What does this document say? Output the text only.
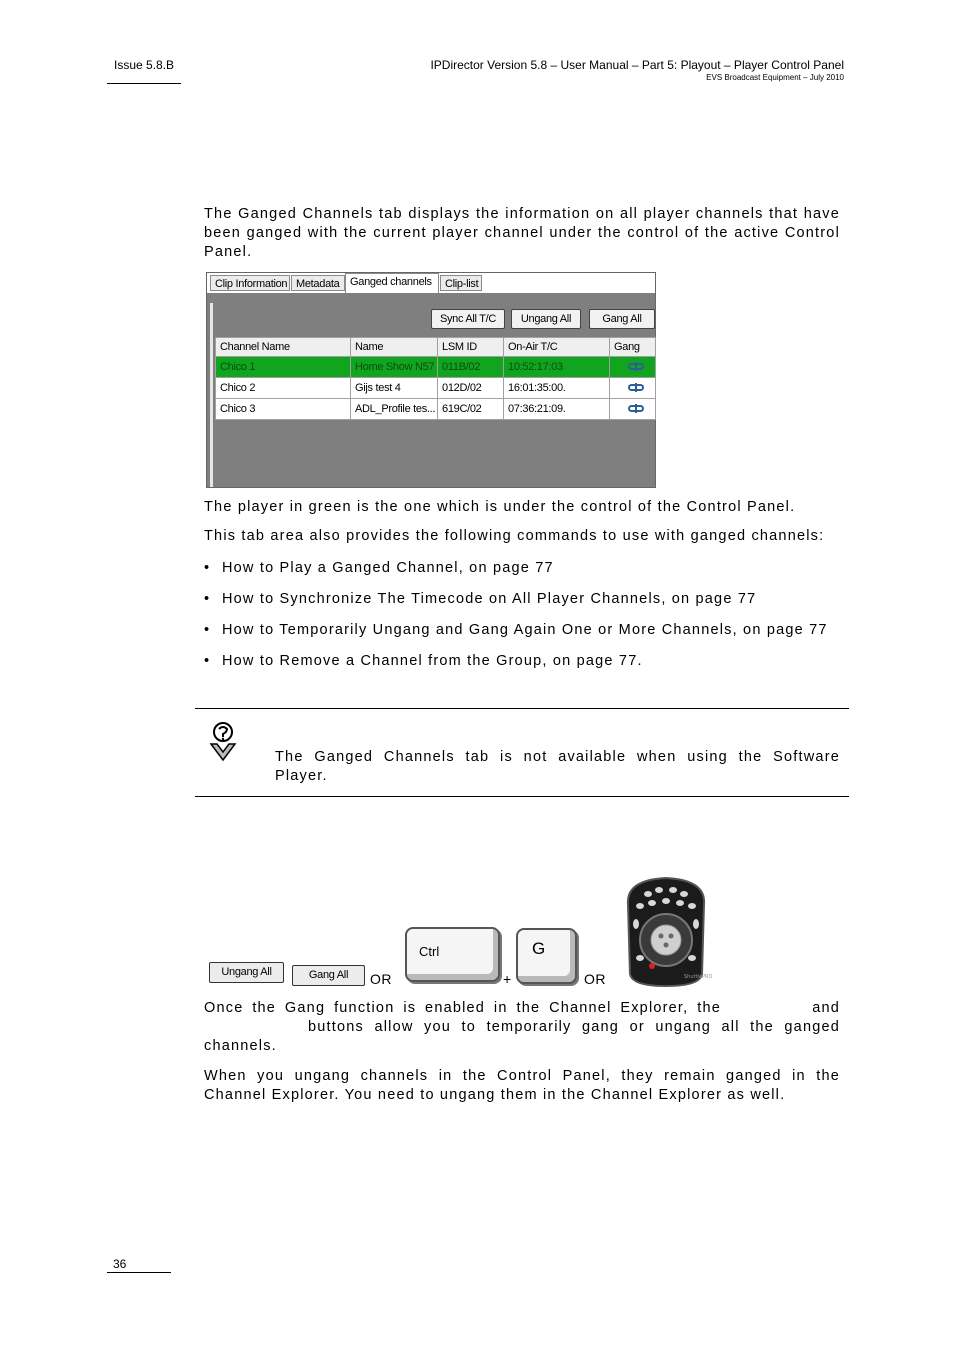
Issue 5.8.B	IPDirector Version 5.8 – User Manual – Part 5: Playout – Player Control Panel
EVS Broadcast Equipment – July 2010
The Ganged Channels tab displays the information on all player channels that have been ganged with the current player channel under the control of the active Control Panel.
Clip Information Metadata Ganged channels	Clip-list
Sync All T/C	Ungang All	Gang All
Channel Name	Name	LSM ID	On-Air T/C	Gang
Chico 1	Home Show N57	011B/02	10:52:17:03	
Chico 2	Gijs test 4	012D/02	16:01:35:00.	
Chico 3	ADL_Profile tes...	619C/02	07:36:21:09.	
The player in green is the one which is under the control of the Control Panel.
This tab area also provides the following commands to use with ganged channels:
• How to Play a Ganged Channel, on page 77
• How to Synchronize The Timecode on All Player Channels, on page 77
• How to Temporarily Ungang and Gang Again One or More Channels, on page 77
• How to Remove a Channel from the Group, on page 77.
The Ganged Channels tab is not available when using the Software Player.
Ungang All	Gang All	OR
Ctrl
+
G
OR	ShuttlePRO
Once the Gang function is enabled in the Channel Explorer, the	and
buttons allow you to temporarily gang or ungang all the ganged channels.
When you ungang channels in the Control Panel, they remain ganged in the Channel Explorer. You need to ungang them in the Channel Explorer as well.
36
